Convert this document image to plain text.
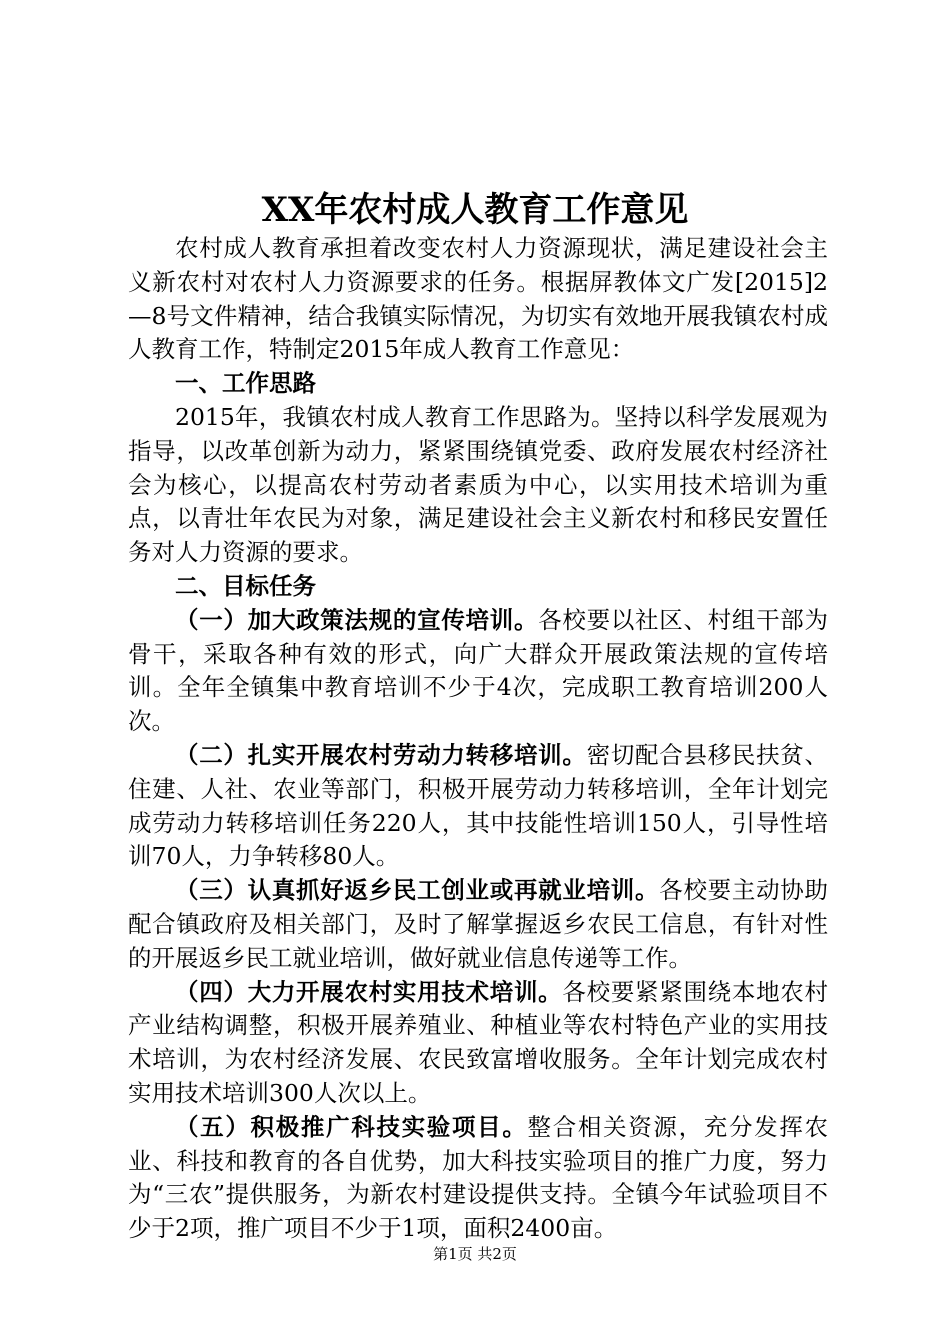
XX年农村成人教育工作意见

农村成人教育承担着改变农村人力资源现状，满足建设社会主义新农村对农村人力资源要求的任务。根据屏教体文广发[2015]2—8号文件精神，结合我镇实际情况，为切实有效地开展我镇农村成人教育工作，特制定2015年成人教育工作意见：

一、工作思路

2015年，我镇农村成人教育工作思路为。坚持以科学发展观为指导，以改革创新为动力，紧紧围绕镇党委、政府发展农村经济社会为核心，以提高农村劳动者素质为中心，以实用技术培训为重点，以青壮年农民为对象，满足建设社会主义新农村和移民安置任务对人力资源的要求。

二、目标任务

（一）加大政策法规的宣传培训。各校要以社区、村组干部为骨干，采取各种有效的形式，向广大群众开展政策法规的宣传培训。全年全镇集中教育培训不少于4次，完成职工教育培训200人次。

（二）扎实开展农村劳动力转移培训。密切配合县移民扶贫、住建、人社、农业等部门，积极开展劳动力转移培训，全年计划完成劳动力转移培训任务220人，其中技能性培训150人，引导性培训70人，力争转移80人。

（三）认真抓好返乡民工创业或再就业培训。各校要主动协助配合镇政府及相关部门，及时了解掌握返乡农民工信息，有针对性的开展返乡民工就业培训，做好就业信息传递等工作。

（四）大力开展农村实用技术培训。各校要紧紧围绕本地农村产业结构调整，积极开展养殖业、种植业等农村特色产业的实用技术培训，为农村经济发展、农民致富增收服务。全年计划完成农村实用技术培训300人次以上。

（五）积极推广科技实验项目。整合相关资源，充分发挥农业、科技和教育的各自优势，加大科技实验项目的推广力度，努力为“三农”提供服务，为新农村建设提供支持。全镇今年试验项目不少于2项，推广项目不少于1项，面积2400亩。

第1页 共2页
